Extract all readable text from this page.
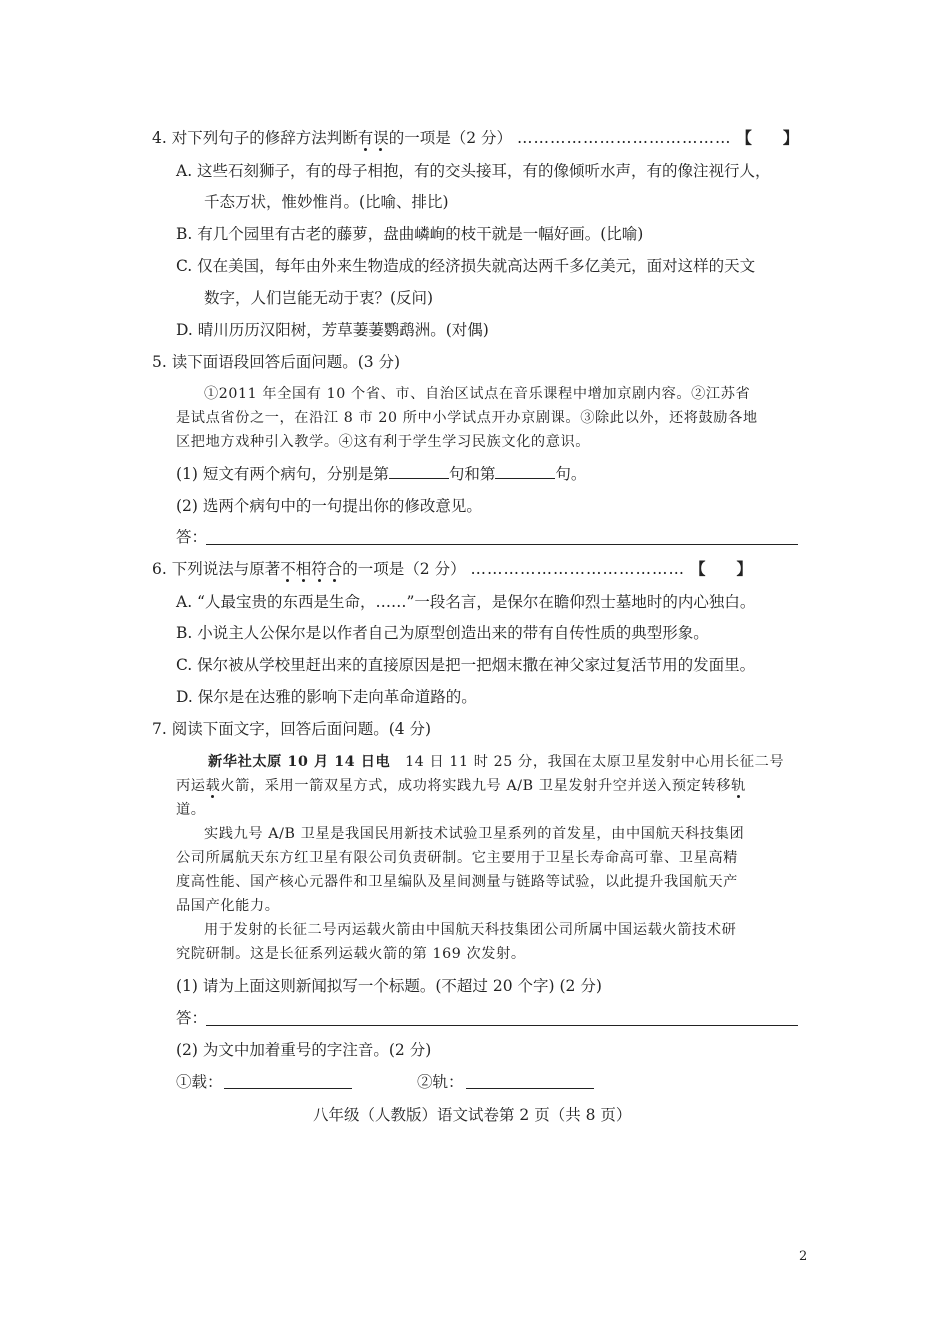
4. 对下列句子的修辞方法判断有误的一项是（2 分） ………………………………… 【　　】
A. 这些石刻狮子，有的母子相抱，有的交头接耳，有的像倾听水声，有的像注视行人，
千态万状，惟妙惟肖。(比喻、排比)
B. 有几个园里有古老的藤萝，盘曲嶙峋的枝干就是一幅好画。(比喻)
C. 仅在美国，每年由外来生物造成的经济损失就高达两千多亿美元，面对这样的天文
数字，人们岂能无动于衷？(反问)
D. 晴川历历汉阳树，芳草萋萋鹦鹉洲。(对偶)
5. 读下面语段回答后面问题。(3 分)
①2011 年全国有 10 个省、市、自治区试点在音乐课程中增加京剧内容。②江苏省
是试点省份之一，在沿江 8 市 20 所中小学试点开办京剧课。③除此以外，还将鼓励各地
区把地方戏种引入教学。④这有利于学生学习民族文化的意识。
(1) 短文有两个病句，分别是第	句和第	句。
(2) 选两个病句中的一句提出你的修改意见。
答：
6. 下列说法与原著不相符合的一项是（2 分） ………………………………… 【　　】
A. “人最宝贵的东西是生命，……”一段名言，是保尔在瞻仰烈士墓地时的内心独白。
B. 小说主人公保尔是以作者自己为原型创造出来的带有自传性质的典型形象。
C. 保尔被从学校里赶出来的直接原因是把一把烟末撒在神父家过复活节用的发面里。
D. 保尔是在达雅的影响下走向革命道路的。
7. 阅读下面文字，回答后面问题。(4 分)
新华社太原 10 月 14 日电　14 日 11 时 25 分，我国在太原卫星发射中心用长征二号
丙运载火箭，采用一箭双星方式，成功将实践九号 A/B 卫星发射升空并送入预定转移轨
道。
实践九号 A/B 卫星是我国民用新技术试验卫星系列的首发星，由中国航天科技集团
公司所属航天东方红卫星有限公司负责研制。它主要用于卫星长寿命高可靠、卫星高精
度高性能、国产核心元器件和卫星编队及星间测量与链路等试验，以此提升我国航天产
品国产化能力。
用于发射的长征二号丙运载火箭由中国航天科技集团公司所属中国运载火箭技术研
究院研制。这是长征系列运载火箭的第 169 次发射。
(1) 请为上面这则新闻拟写一个标题。(不超过 20 个字) (2 分)
答：
(2) 为文中加着重号的字注音。(2 分)
①载：	②轨：
八年级（人教版）语文试卷第 2 页（共 8 页）
2
